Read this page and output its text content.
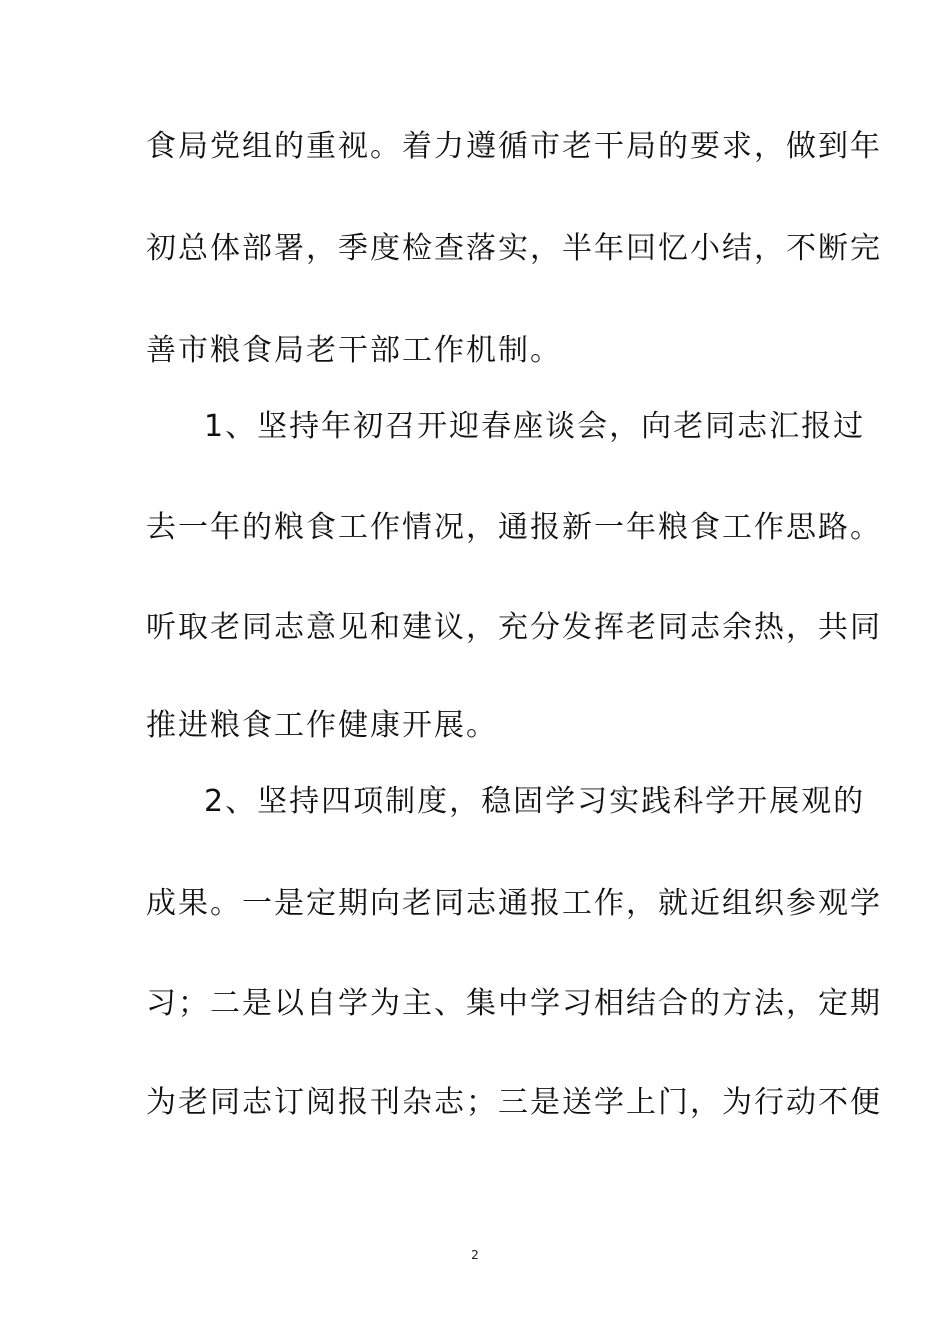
食局党组的重视。着力遵循市老干局的要求，做到年
初总体部署，季度检查落实，半年回忆小结，不断完
善市粮食局老干部工作机制。
1、坚持年初召开迎春座谈会，向老同志汇报过
去一年的粮食工作情况，通报新一年粮食工作思路。
听取老同志意见和建议，充分发挥老同志余热，共同
推进粮食工作健康开展。
2、坚持四项制度，稳固学习实践科学开展观的
成果。一是定期向老同志通报工作，就近组织参观学
习；二是以自学为主、集中学习相结合的方法，定期
为老同志订阅报刊杂志；三是送学上门，为行动不便
2
